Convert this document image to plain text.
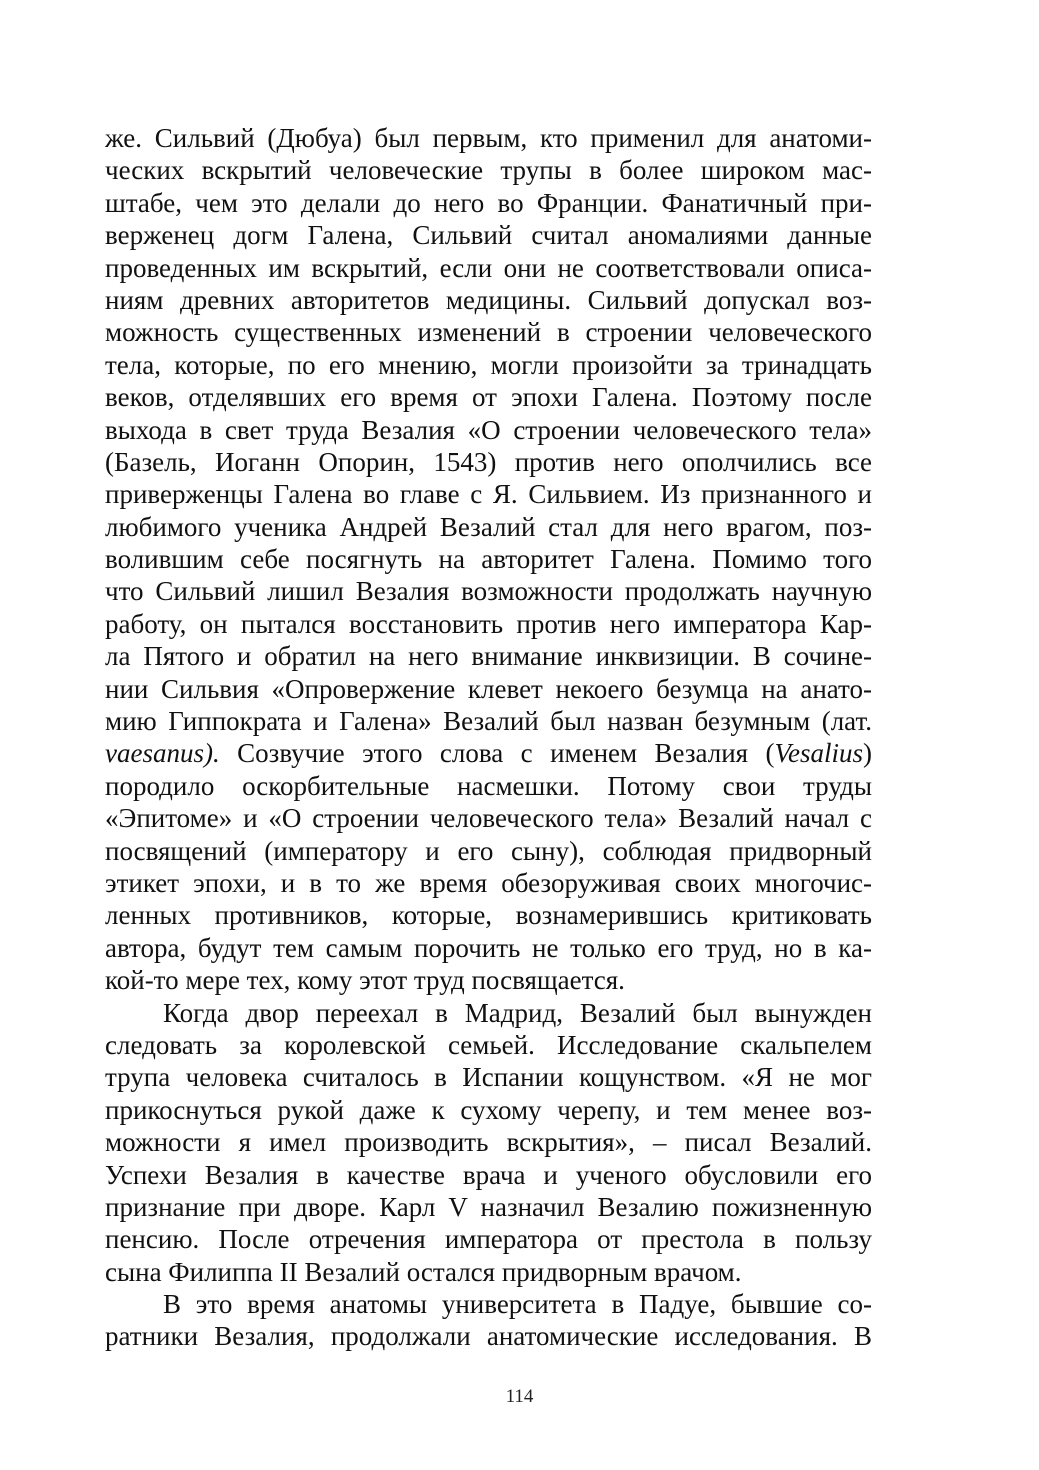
же. Сильвий (Дюбуа) был первым, кто применил для анатоми-
ческих вскрытий человеческие трупы в более широком мас-
штабе, чем это делали до него во Франции. Фанатичный при-
верженец догм Галена, Сильвий считал аномалиями данные
проведенных им вскрытий, если они не соответствовали описа-
ниям древних авторитетов медицины. Сильвий допускал воз-
можность существенных изменений в строении человеческого
тела, которые, по его мнению, могли произойти за тринадцать
веков, отделявших его время от эпохи Галена. Поэтому после
выхода в свет труда Везалия «О строении человеческого тела»
(Базель, Иоганн Опорин, 1543) против него ополчились все
приверженцы Галена во главе с Я. Сильвием. Из признанного и
любимого ученика Андрей Везалий стал для него врагом, поз-
волившим себе посягнуть на авторитет Галена. Помимо того
что Сильвий лишил Везалия возможности продолжать научную
работу, он пытался восстановить против него императора Кар-
ла Пятого и обратил на него внимание инквизиции. В сочине-
нии Сильвия «Опровержение клевет некоего безумца на анато-
мию Гиппократа и Галена» Везалий был назван безумным (лат.
vaesanus). Созвучие этого слова с именем Везалия (Vesalius)
породило оскорбительные насмешки. Потому свои труды
«Эпитоме» и «О строении человеческого тела» Везалий начал с
посвящений (императору и его сыну), соблюдая придворный
этикет эпохи, и в то же время обезоруживая своих многочис-
ленных противников, которые, вознамерившись критиковать
автора, будут тем самым порочить не только его труд, но в ка-
кой-то мере тех, кому этот труд посвящается.

Когда двор переехал в Мадрид, Везалий был вынужден
следовать за королевской семьей. Исследование скальпелем
трупа человека считалось в Испании кощунством. «Я не мог
прикоснуться рукой даже к сухому черепу, и тем менее воз-
можности я имел производить вскрытия», – писал Везалий.
Успехи Везалия в качестве врача и ученого обусловили его
признание при дворе. Карл V назначил Везалию пожизненную
пенсию. После отречения императора от престола в пользу
сына Филиппа II Везалий остался придворным врачом.

В это время анатомы университета в Падуе, бывшие со-
ратники Везалия, продолжали анатомические исследования. В

114
